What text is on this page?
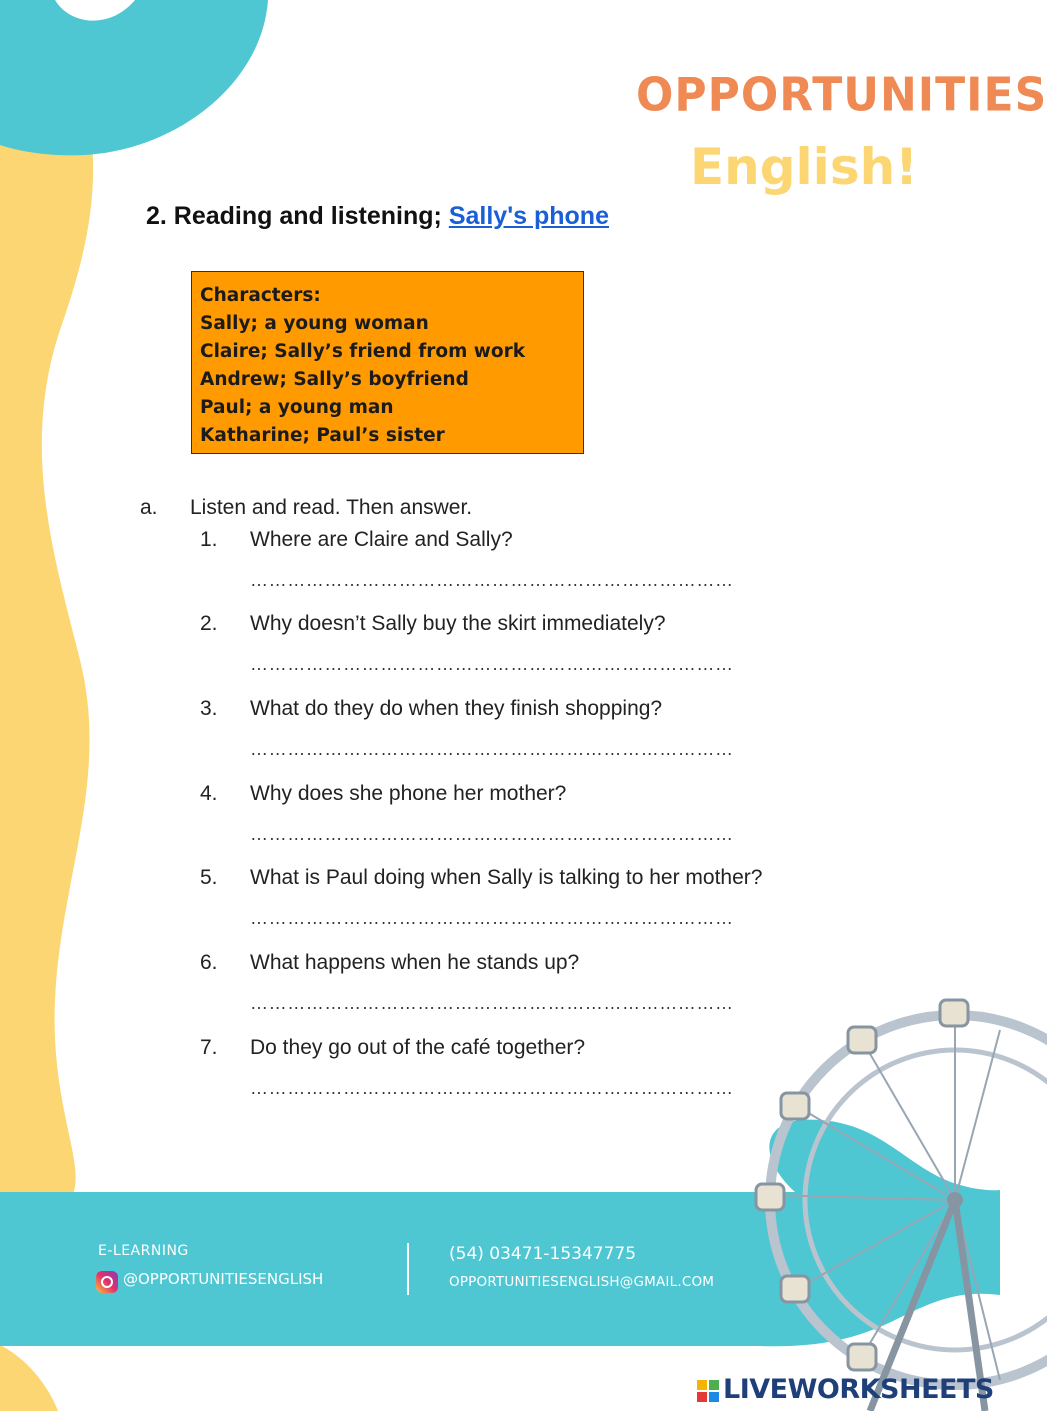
OPPORTUNITIES
English!
2. Reading and listening; Sally's phone
Characters:
Sally; a young woman
Claire; Sally’s friend from work
Andrew; Sally’s boyfriend
Paul; a young man
Katharine; Paul’s sister
a. Listen and read. Then answer.
1. Where are Claire and Sally?
……………………………………………………………………
2. Why doesn’t Sally buy the skirt immediately?
……………………………………………………………………
3. What do they do when they finish shopping?
……………………………………………………………………
4. Why does she phone her mother?
……………………………………………………………………
5. What is Paul doing when Sally is talking to her mother?
……………………………………………………………………
6. What happens when he stands up?
……………………………………………………………………
7. Do they go out of the café together?
……………………………………………………………………
E-LEARNING
@OPPORTUNITIESENGLISH
(54) 03471-15347775
OPPORTUNITIESENGLISH@GMAIL.COM
LIVEWORKSHEETS
